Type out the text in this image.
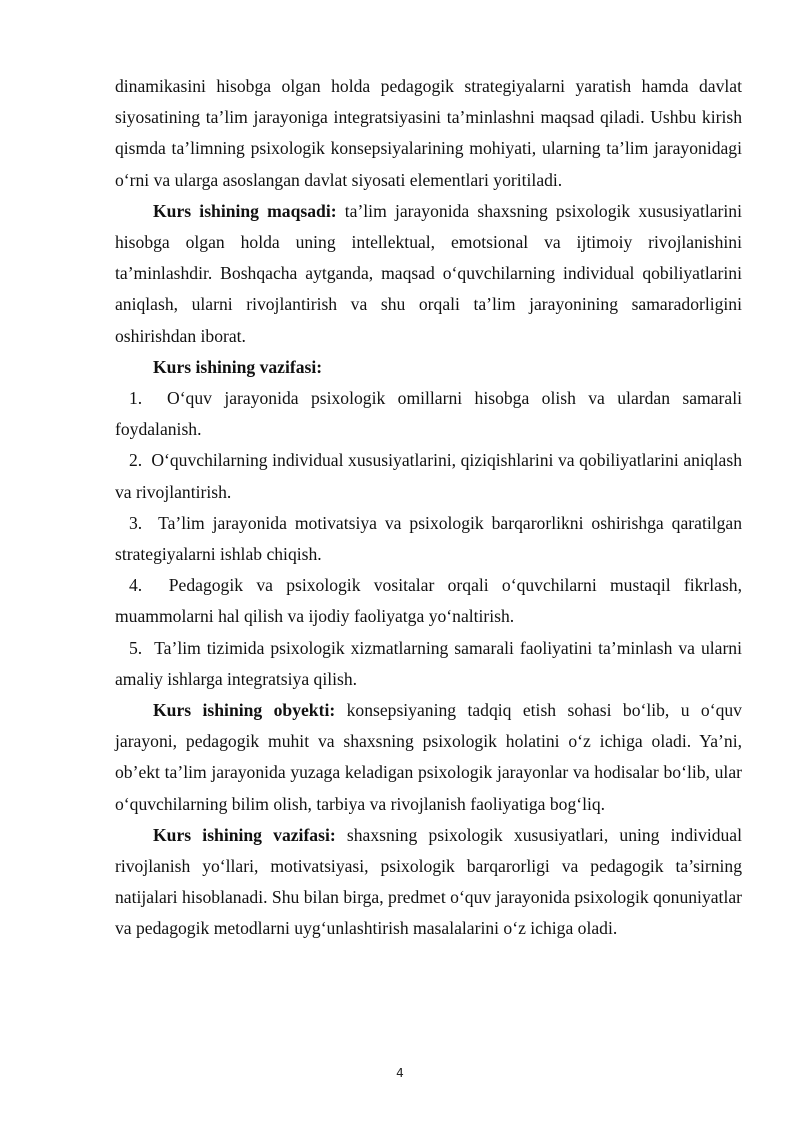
dinamikasini hisobga olgan holda pedagogik strategiyalarni yaratish hamda davlat siyosatining ta’lim jarayoniga integratsiyasini ta’minlashni maqsad qiladi. Ushbu kirish qismda ta’limning psixologik konsepsiyalarining mohiyati, ularning ta’lim jarayonidagi o‘rni va ularga asoslangan davlat siyosati elementlari yoritiladi.

Kurs ishining maqsadi: ta’lim jarayonida shaxsning psixologik xususiyatlarini hisobga olgan holda uning intellektual, emotsional va ijtimoiy rivojlanishini ta’minlashdir. Boshqacha aytganda, maqsad o‘quvchilarning individual qobiliyatlarini aniqlash, ularni rivojlantirish va shu orqali ta’lim jarayonining samaradorligini oshirishdan iborat.

Kurs ishining vazifasi:

1. O‘quv jarayonida psixologik omillarni hisobga olish va ulardan samarali foydalanish.

2. O‘quvchilarning individual xususiyatlarini, qiziqishlarini va qobiliyatlarini aniqlash va rivojlantirish.

3. Ta’lim jarayonida motivatsiya va psixologik barqarorlikni oshirishga qaratilgan strategiyalarni ishlab chiqish.

4. Pedagogik va psixologik vositalar orqali o‘quvchilarni mustaqil fikrlash, muammolarni hal qilish va ijodiy faoliyatga yo‘naltirish.

5. Ta’lim tizimida psixologik xizmatlarning samarali faoliyatini ta’minlash va ularni amaliy ishlarga integratsiya qilish.

Kurs ishining obyekti: konsepsiyaning tadqiq etish sohasi bo‘lib, u o‘quv jarayoni, pedagogik muhit va shaxsning psixologik holatini o‘z ichiga oladi. Ya’ni, ob’ekt ta’lim jarayonida yuzaga keladigan psixologik jarayonlar va hodisalar bo‘lib, ular o‘quvchilarning bilim olish, tarbiya va rivojlanish faoliyatiga bog‘liq.

Kurs ishining vazifasi: shaxsning psixologik xususiyatlari, uning individual rivojlanish yo‘llari, motivatsiyasi, psixologik barqarorligi va pedagogik ta’sirning natijalari hisoblanadi. Shu bilan birga, predmet o‘quv jarayonida psixologik qonuniyatlar va pedagogik metodlarni uyg‘unlashtirish masalalarini o‘z ichiga oladi.

4
